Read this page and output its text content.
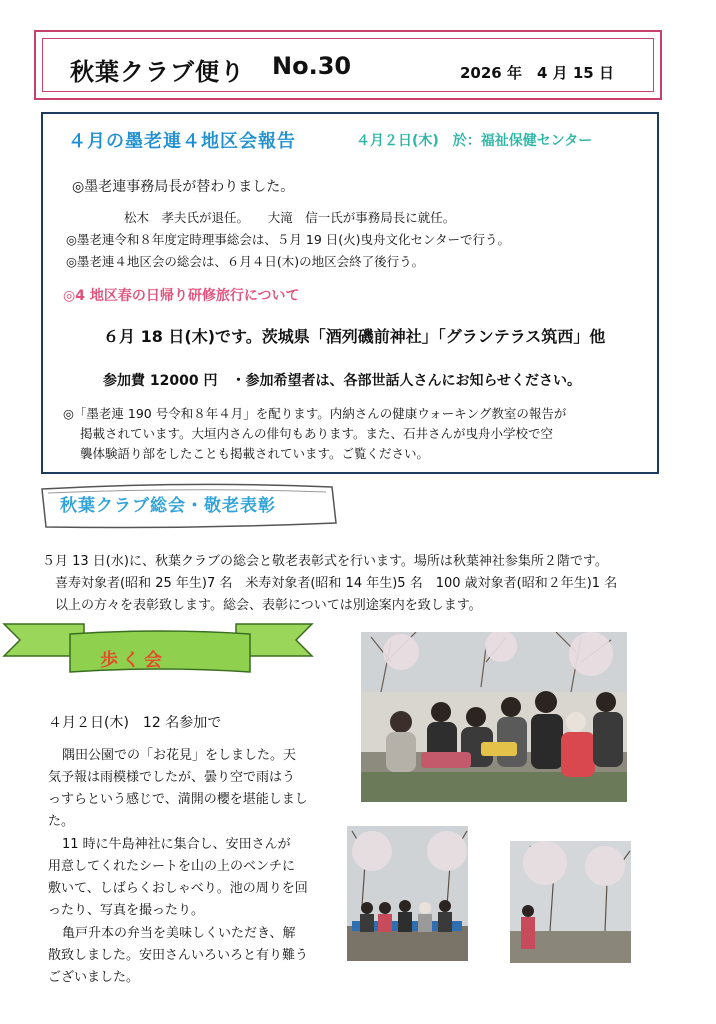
秋葉クラブ便り No.30	2026 年　4 月 15 日
４月の墨老連４地区会報告	４月２日(木)　於：福祉保健センター
◎墨老連事務局長が替わりました。
松木　孝夫氏が退任。　　大滝　信一氏が事務局長に就任。
◎墨老連令和８年度定時理事総会は、５月 19 日(火)曳舟文化センターで行う。
◎墨老連４地区会の総会は、６月４日(木)の地区会終了後行う。
◎4 地区春の日帰り研修旅行について
６月 18 日(木)です。茨城県「酒列磯前神社」「グランテラス筑西」他
参加費 12000 円　・参加希望者は、各部世話人さんにお知らせください。
◎「墨老連 190 号令和８年４月」を配ります。内納さんの健康ウォーキング教室の報告が
掲載されています。大垣内さんの俳句もあります。また、石井さんが曳舟小学校で空
襲体験語り部をしたことも掲載されています。ご覧ください。
秋葉クラブ総会・敬老表彰
５月 13 日(水)に、秋葉クラブの総会と敬老表彰式を行います。場所は秋葉神社参集所２階です。
喜寿対象者(昭和 25 年生)7 名　米寿対象者(昭和 14 年生)5 名　100 歳対象者(昭和２年生)1 名
以上の方々を表彰致します。総会、表彰については別途案内を致します。
歩く会
４月２日(木)　12 名参加で
隅田公園での「お花見」をしました。天
気予報は雨模様でしたが、曇り空で雨はう
っすらという感じで、満開の櫻を堪能しまし
た。
11 時に牛島神社に集合し、安田さんが
用意してくれたシートを山の上のベンチに
敷いて、しばらくおしゃべり。池の周りを回
ったり、写真を撮ったり。
亀戸升本の弁当を美味しくいただき、解
散致しました。安田さんいろいろと有り難う
ございました。
